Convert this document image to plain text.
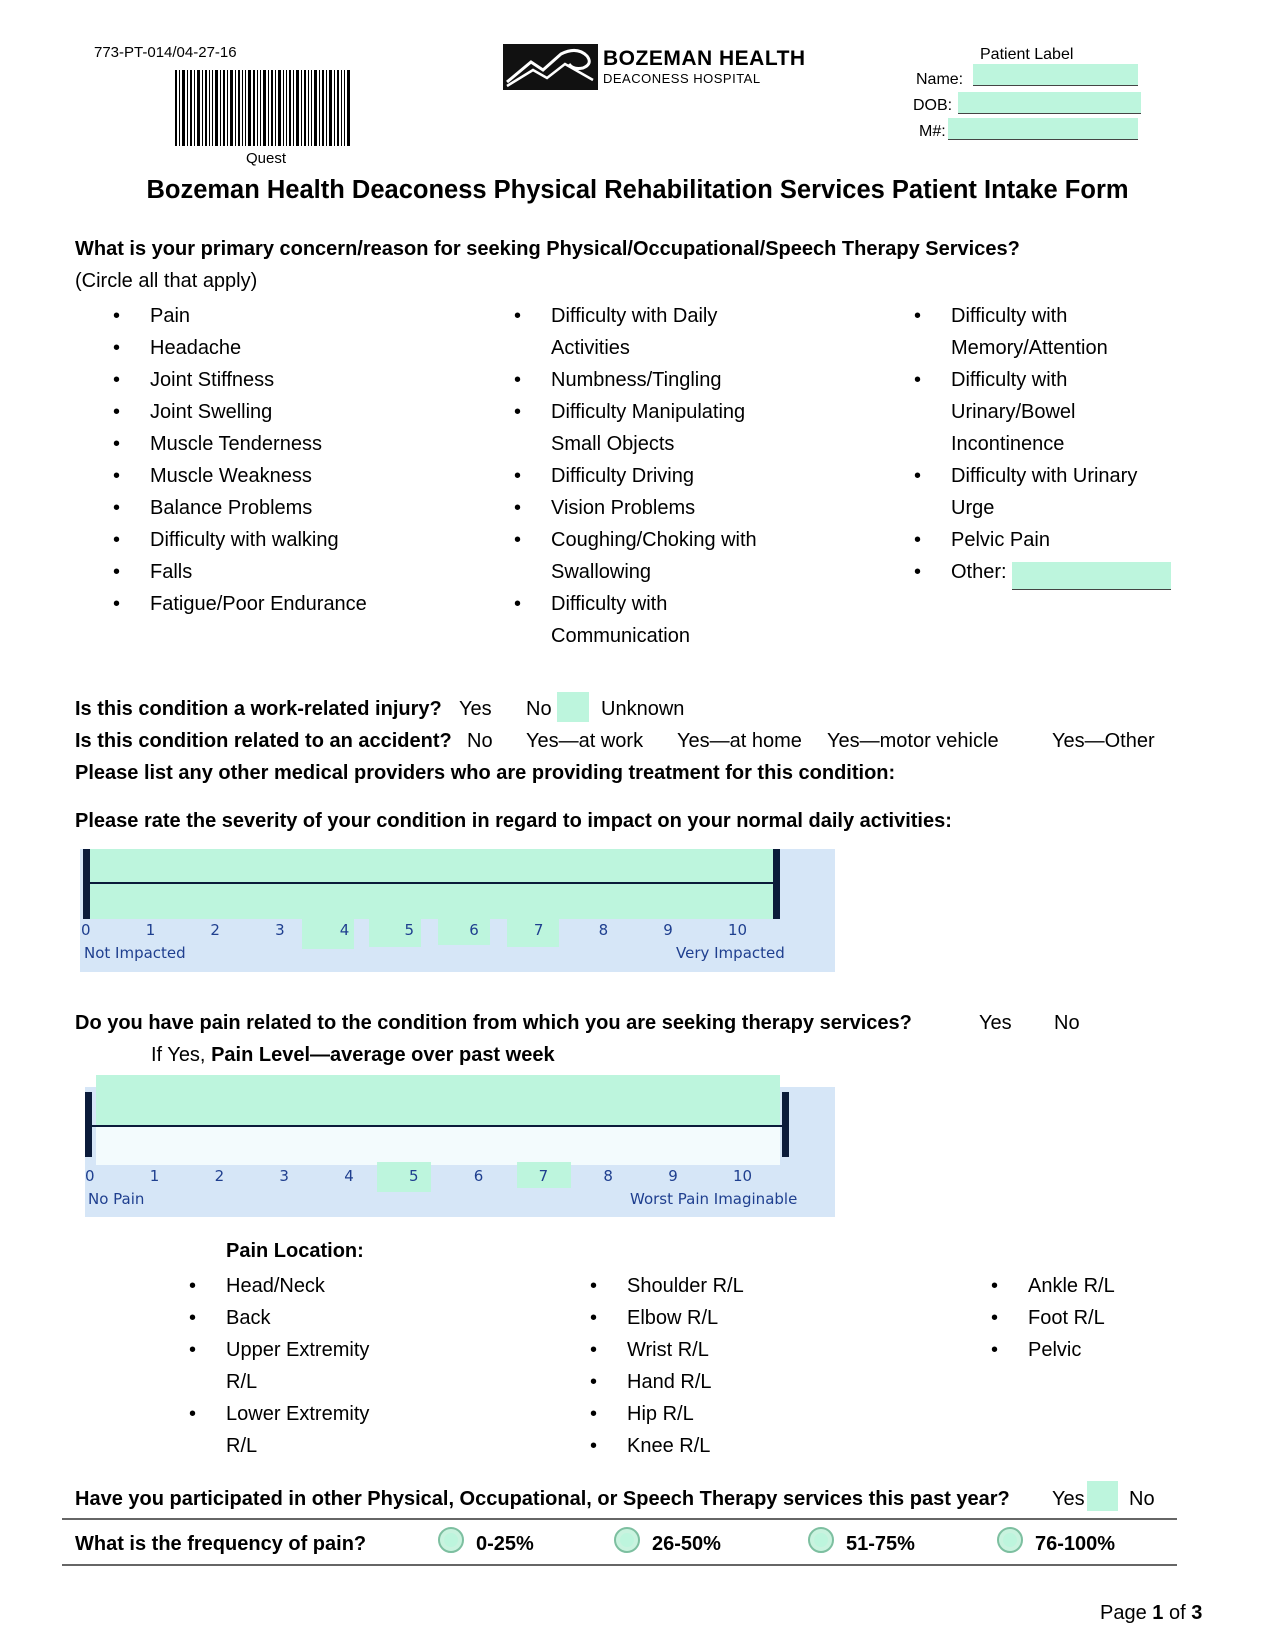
773-PT-014/04-27-16
Quest
BOZEMAN HEALTH
DEACONESS HOSPITAL
Patient Label
Name:
DOB:
M#:
Bozeman Health Deaconess Physical Rehabilitation Services Patient Intake Form
What is your primary concern/reason for seeking Physical/Occupational/Speech Therapy Services?
(Circle all that apply)
• Pain
• Headache
• Joint Stiffness
• Joint Swelling
• Muscle Tenderness
• Muscle Weakness
• Balance Problems
• Difficulty with walking
• Falls
• Fatigue/Poor Endurance
• Difficulty with Daily Activities
• Numbness/Tingling
• Difficulty Manipulating Small Objects
• Difficulty Driving
• Vision Problems
• Coughing/Choking with Swallowing
• Difficulty with Communication
• Difficulty with Memory/Attention
• Difficulty with Urinary/Bowel Incontinence
• Difficulty with Urinary Urge
• Pelvic Pain
• Other:
Is this condition a work-related injury? Yes No Unknown
Is this condition related to an accident? No Yes—at work Yes—at home Yes—motor vehicle	Yes—Other
Please list any other medical providers who are providing treatment for this condition:
Please rate the severity of your condition in regard to impact on your normal daily activities:
Not Impacted	Very Impacted
0	1	2	3	4	5	6	7	8	9	10
Do you have pain related to the condition from which you are seeking therapy services?	Yes No
If Yes, Pain Level—average over past week
No Pain	Worst Pain Imaginable
0	1	2	3	4	5	6	7	8	9	10
Pain Location:
• Head/Neck
• Back
• Upper Extremity R/L
• Lower Extremity R/L
• Shoulder R/L
• Elbow R/L
• Wrist R/L
• Hand R/L
• Hip R/L
• Knee R/L
• Ankle R/L
• Foot R/L
• Pelvic
Have you participated in other Physical, Occupational, or Speech Therapy services this past year? Yes No
What is the frequency of pain?	0-25%	26-50%	51-75%	76-100%
Page 1 of 3
